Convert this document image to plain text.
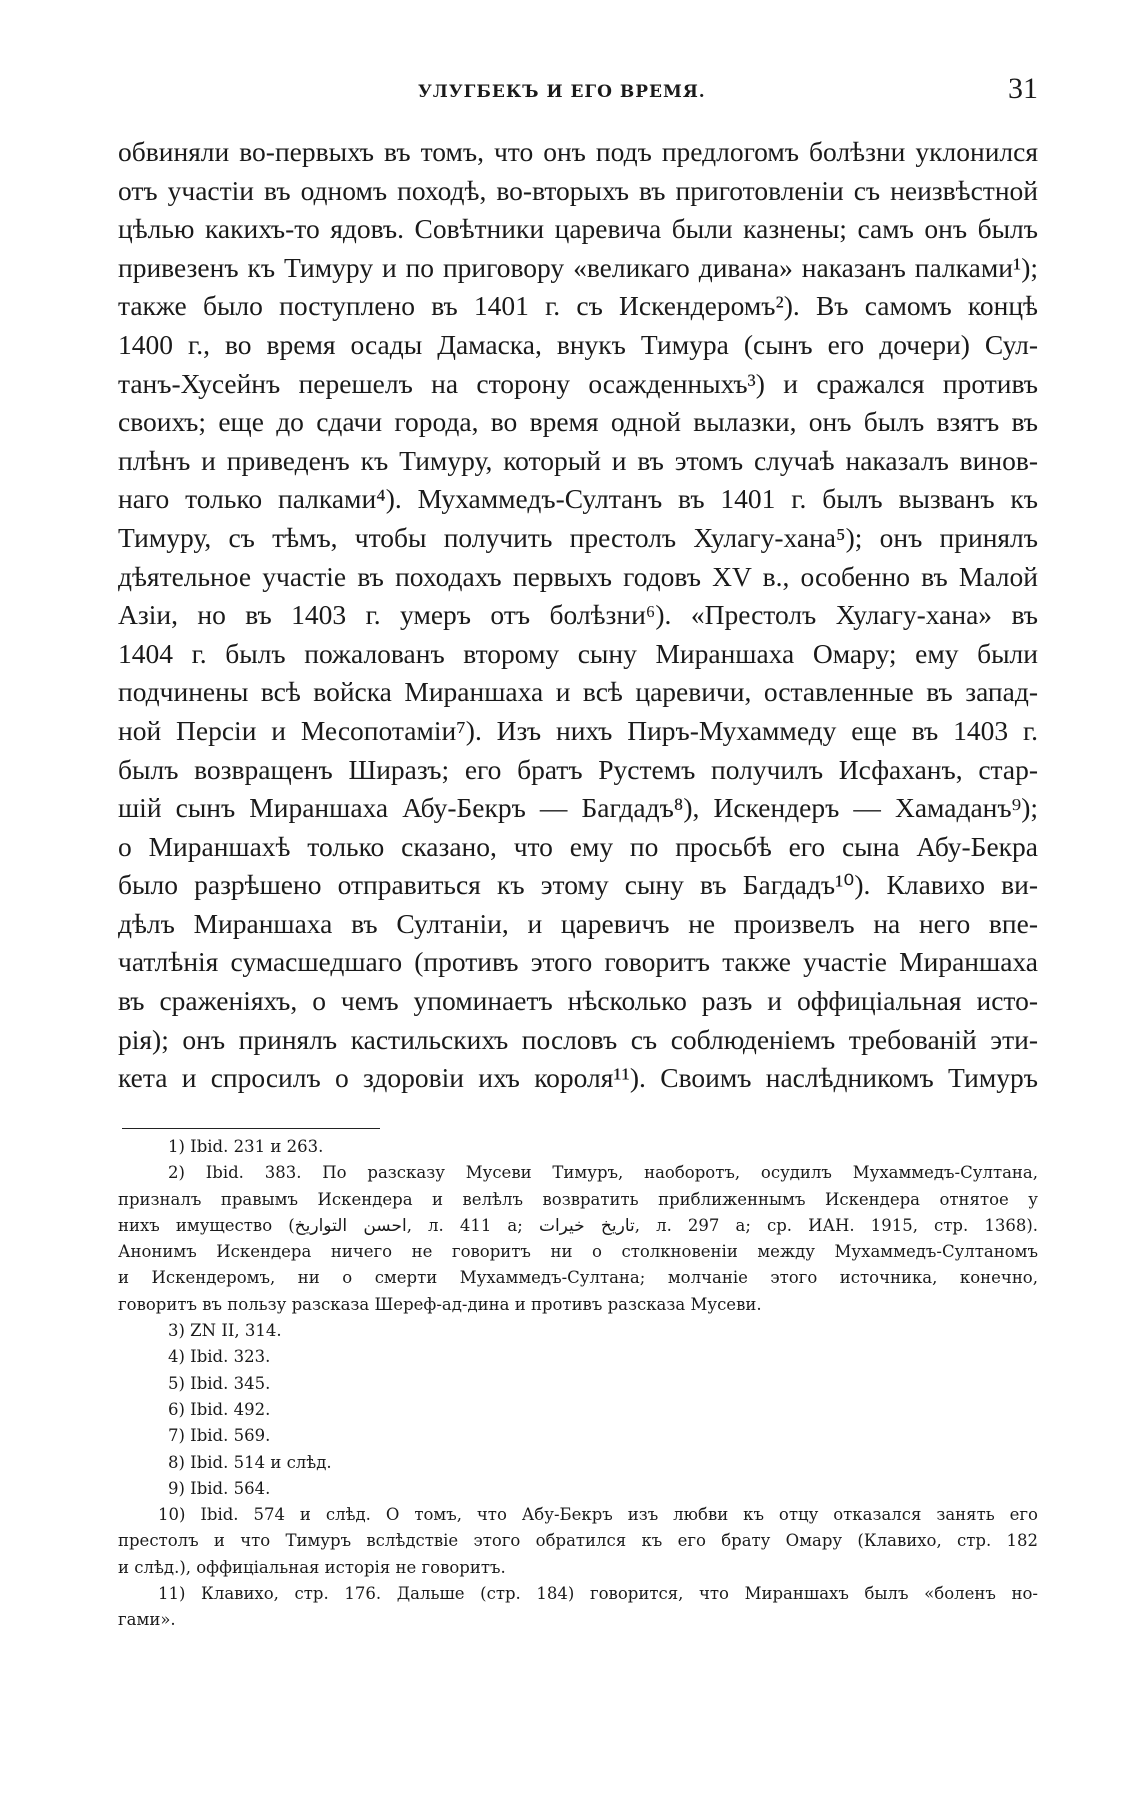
УЛУГБЕКЪ И ЕГО ВРЕМЯ.	31
обвиняли во-первыхъ въ томъ, что онъ подъ предлогомъ болѣзни уклонился
отъ участiи въ одномъ походѣ, во-вторыхъ въ приготовленiи съ неизвѣстной
цѣлью какихъ-то ядовъ. Совѣтники царевича были казнены; самъ онъ былъ
привезенъ къ Тимуру и по приговору «великаго дивана» наказанъ палками¹);
также было поступлено въ 1401 г. съ Искендеромъ²). Въ самомъ концѣ
1400 г., во время осады Дамаска, внукъ Тимура (сынъ его дочери) Сул-
танъ-Хусейнъ перешелъ на сторону осажденныхъ³) и сражался противъ
своихъ; еще до сдачи города, во время одной вылазки, онъ былъ взятъ въ
плѣнъ и приведенъ къ Тимуру, который и въ этомъ случаѣ наказалъ винов-
наго только палками⁴). Мухаммедъ-Султанъ въ 1401 г. былъ вызванъ къ
Тимуру, съ тѣмъ, чтобы получить престолъ Хулагу-хана⁵); онъ принялъ
дѣятельное участiе въ походахъ первыхъ годовъ XV в., особенно въ Малой
Азiи, но въ 1403 г. умеръ отъ болѣзни⁶). «Престолъ Хулагу-хана» въ
1404 г. былъ пожалованъ второму сыну Мираншаха Омару; ему были
подчинены всѣ войска Мираншаха и всѣ царевичи, оставленные въ запад-
ной Персiи и Месопотамiи⁷). Изъ нихъ Пиръ-Мухаммеду еще въ 1403 г.
былъ возвращенъ Ширазъ; его братъ Рустемъ получилъ Исфаханъ, стар-
шiй сынъ Мираншаха Абу-Бекръ — Багдадъ⁸), Искендеръ — Хамаданъ⁹);
о Мираншахѣ только сказано, что ему по просьбѣ его сына Абу-Бекра
было разрѣшено отправиться къ этому сыну въ Багдадъ¹⁰). Клавихо ви-
дѣлъ Мираншаха въ Султанiи, и царевичъ не произвелъ на него впе-
чатлѣнiя сумасшедшаго (противъ этого говоритъ также участiе Мираншаха
въ сраженiяхъ, о чемъ упоминаетъ нѣсколько разъ и оффицiальная исто-
рiя); онъ принялъ кастильскихъ пословъ съ соблюденiемъ требованiй эти-
кета и спросилъ о здоровiи ихъ короля¹¹). Своимъ наслѣдникомъ Тимуръ
1) Ibid. 231 и 263.
2) Ibid. 383. По разсказу Мусеви Тимуръ, наоборотъ, осудилъ Мухаммедъ-Султана,
призналъ правымъ Искендера и велѣлъ возвратить приближеннымъ Искендера отнятое у
нихъ имущество (احسن التواريخ, л. 411 а; تاريخ خيرات, л. 297 а; ср. ИАН. 1915, стр. 1368).
Анонимъ Искендера ничего не говоритъ ни о столкновенiи между Мухаммедъ-Султаномъ
и Искендеромъ, ни о смерти Мухаммедъ-Султана; молчанiе этого источника, конечно,
говоритъ въ пользу разсказа Шереф-ад-дина и противъ разсказа Мусеви.
3) ZN II, 314.
4) Ibid. 323.
5) Ibid. 345.
6) Ibid. 492.
7) Ibid. 569.
8) Ibid. 514 и слѣд.
9) Ibid. 564.
10) Ibid. 574 и слѣд. О томъ, что Абу-Бекръ изъ любви къ отцу отказался занять его
престолъ и что Тимуръ вслѣдствiе этого обратился къ его брату Омару (Клавихо, стр. 182
и слѣд.), оффицiальная исторiя не говоритъ.
11) Клавихо, стр. 176. Дальше (стр. 184) говорится, что Мираншахъ былъ «боленъ но-
гами».
